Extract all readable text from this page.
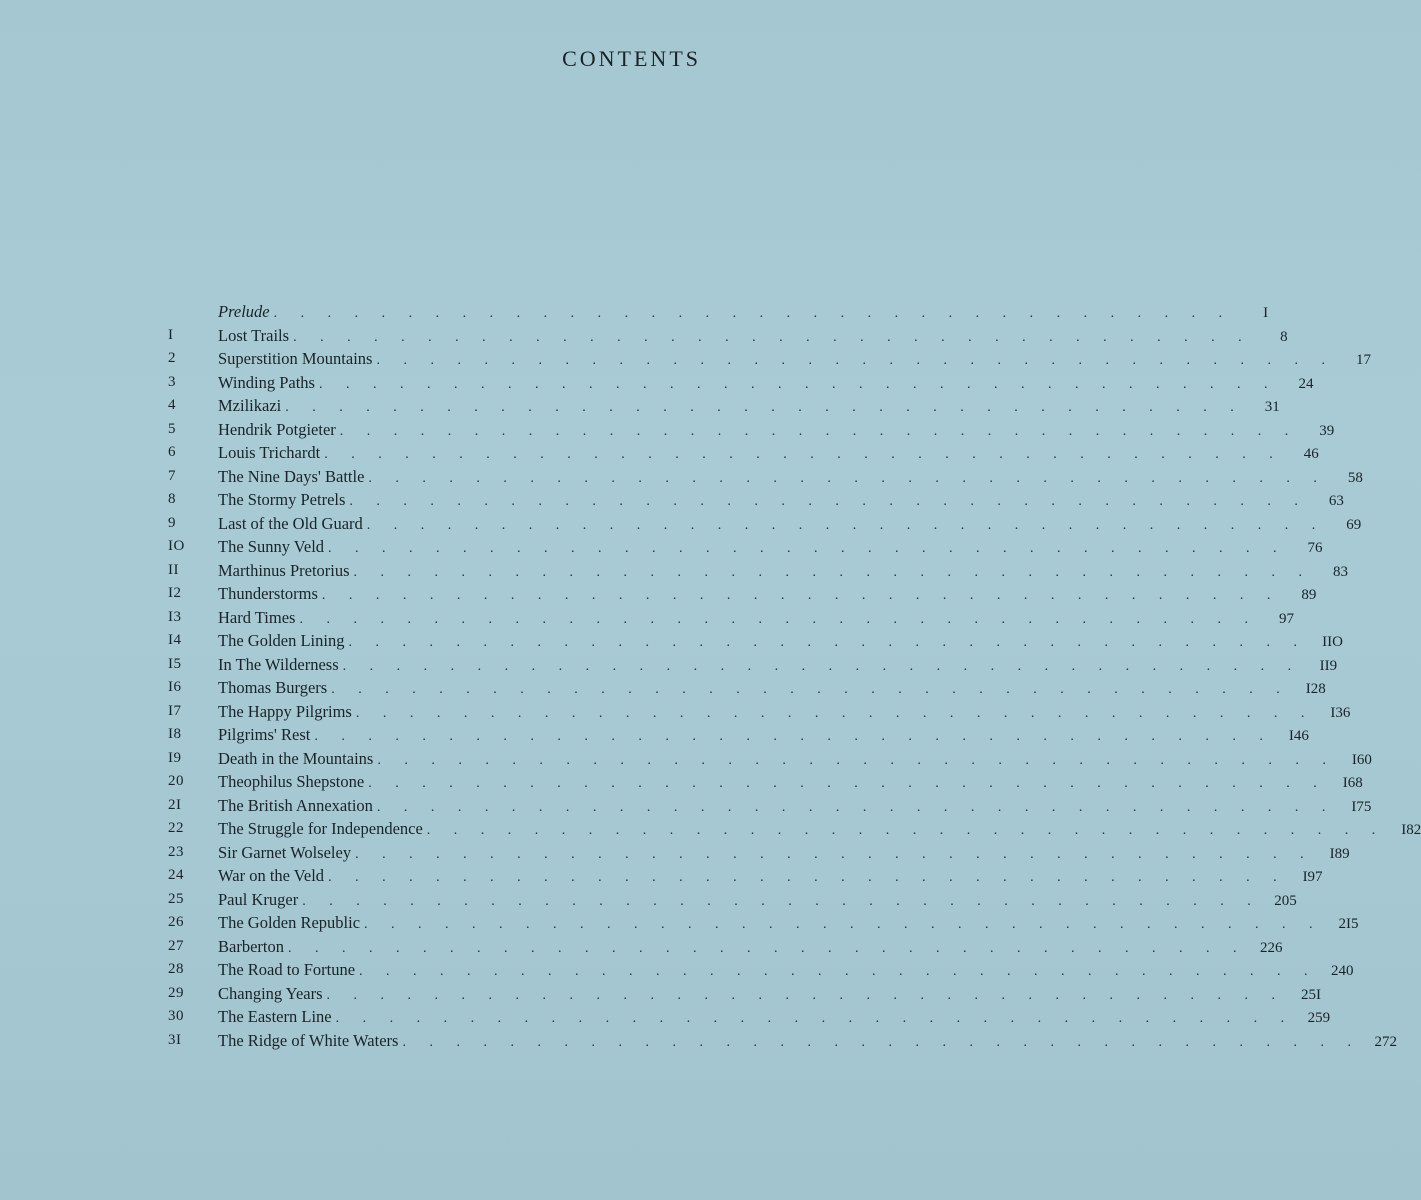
CONTENTS
Prelude . . . . . . . . . . . . . . . . . . . . . . . . . . . . . . . . . . . .	I
I	Lost Trails . . . . . . . . . . . . . . . . . . . . . . . . . . . . . . . . . . . .	8
2	Superstition Mountains . . . . . . . . . . . . . . . . . . . . . . . . . . . . . . . . . . . .	17
3	Winding Paths . . . . . . . . . . . . . . . . . . . . . . . . . . . . . . . . . . . .	24
4	Mzilikazi . . . . . . . . . . . . . . . . . . . . . . . . . . . . . . . . . . . .	31
5	Hendrik Potgieter . . . . . . . . . . . . . . . . . . . . . . . . . . . . . . . . . . . .	39
6	Louis Trichardt . . . . . . . . . . . . . . . . . . . . . . . . . . . . . . . . . . . .	46
7	The Nine Days' Battle . . . . . . . . . . . . . . . . . . . . . . . . . . . . . . . . . . . .	58
8	The Stormy Petrels . . . . . . . . . . . . . . . . . . . . . . . . . . . . . . . . . . . .	63
9	Last of the Old Guard . . . . . . . . . . . . . . . . . . . . . . . . . . . . . . . . . . . .	69
IO	The Sunny Veld . . . . . . . . . . . . . . . . . . . . . . . . . . . . . . . . . . . .	76
II	Marthinus Pretorius . . . . . . . . . . . . . . . . . . . . . . . . . . . . . . . . . . . .	83
I2	Thunderstorms . . . . . . . . . . . . . . . . . . . . . . . . . . . . . . . . . . . .	89
I3	Hard Times . . . . . . . . . . . . . . . . . . . . . . . . . . . . . . . . . . . .	97
I4	The Golden Lining . . . . . . . . . . . . . . . . . . . . . . . . . . . . . . . . . . . .	IIO
I5	In The Wilderness . . . . . . . . . . . . . . . . . . . . . . . . . . . . . . . . . . . .	II9
I6	Thomas Burgers . . . . . . . . . . . . . . . . . . . . . . . . . . . . . . . . . . . .	I28
I7	The Happy Pilgrims . . . . . . . . . . . . . . . . . . . . . . . . . . . . . . . . . . . .	I36
I8	Pilgrims' Rest . . . . . . . . . . . . . . . . . . . . . . . . . . . . . . . . . . . .	I46
I9	Death in the Mountains . . . . . . . . . . . . . . . . . . . . . . . . . . . . . . . . . . . .	I60
20	Theophilus Shepstone . . . . . . . . . . . . . . . . . . . . . . . . . . . . . . . . . . . .	I68
2I	The British Annexation . . . . . . . . . . . . . . . . . . . . . . . . . . . . . . . . . . . .	I75
22	The Struggle for Independence . . . . . . . . . . . . . . . . . . . . . . . . . . . . . . . . . . . .	I82
23	Sir Garnet Wolseley . . . . . . . . . . . . . . . . . . . . . . . . . . . . . . . . . . . .	I89
24	War on the Veld . . . . . . . . . . . . . . . . . . . . . . . . . . . . . . . . . . . .	I97
25	Paul Kruger . . . . . . . . . . . . . . . . . . . . . . . . . . . . . . . . . . . . 205
26	The Golden Republic . . . . . . . . . . . . . . . . . . . . . . . . . . . . . . . . . . . .	2I5
27	Barberton . . . . . . . . . . . . . . . . . . . . . . . . . . . . . . . . . . . . 226
28	The Road to Fortune . . . . . . . . . . . . . . . . . . . . . . . . . . . . . . . . . . . . 240
29	Changing Years . . . . . . . . . . . . . . . . . . . . . . . . . . . . . . . . . . . .	25I
30	The Eastern Line . . . . . . . . . . . . . . . . . . . . . . . . . . . . . . . . . . . . 259
3I	The Ridge of White Waters . . . . . . . . . . . . . . . . . . . . . . . . . . . . . . . . . . . . 272
